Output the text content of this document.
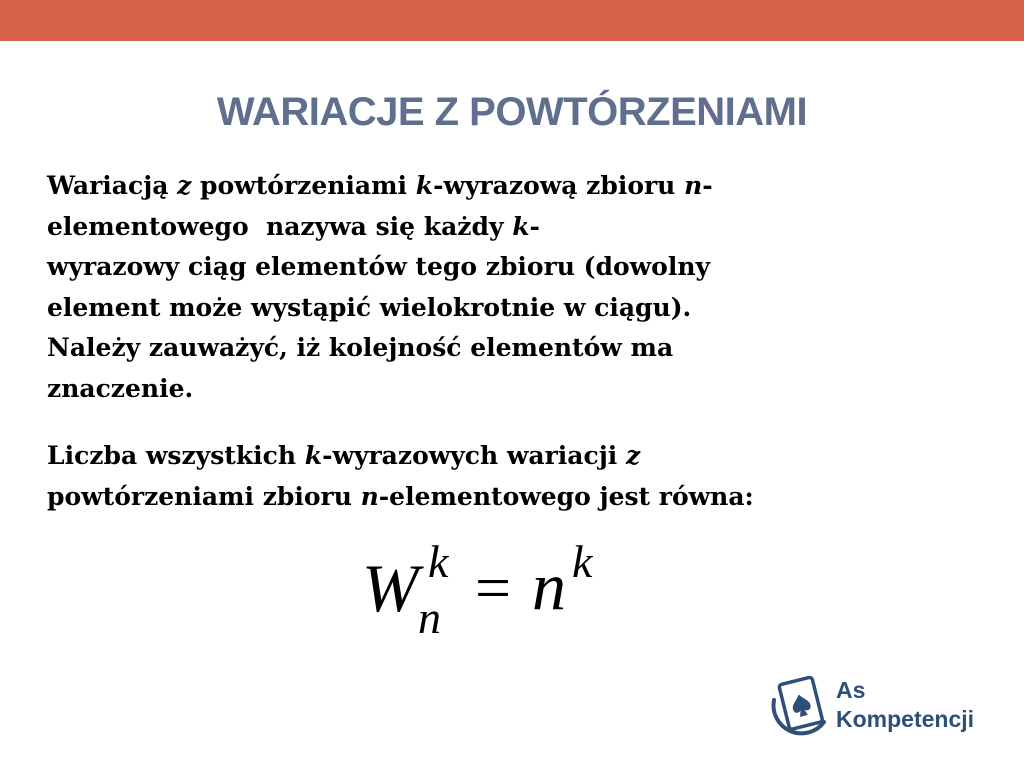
WARIACJE Z POWTÓRZENIAMI

Wariacją z powtórzeniami k-wyrazową zbioru n-
elementowego  nazywa się każdy k-
wyrazowy ciąg elementów tego zbioru (dowolny
element może wystąpić wielokrotnie w ciągu).
Należy zauważyć, iż kolejność elementów ma
znaczenie.

Liczba wszystkich k-wyrazowych wariacji z
powtórzeniami zbioru n-elementowego jest równa:

W n
k = n k
As
Kompetencji
